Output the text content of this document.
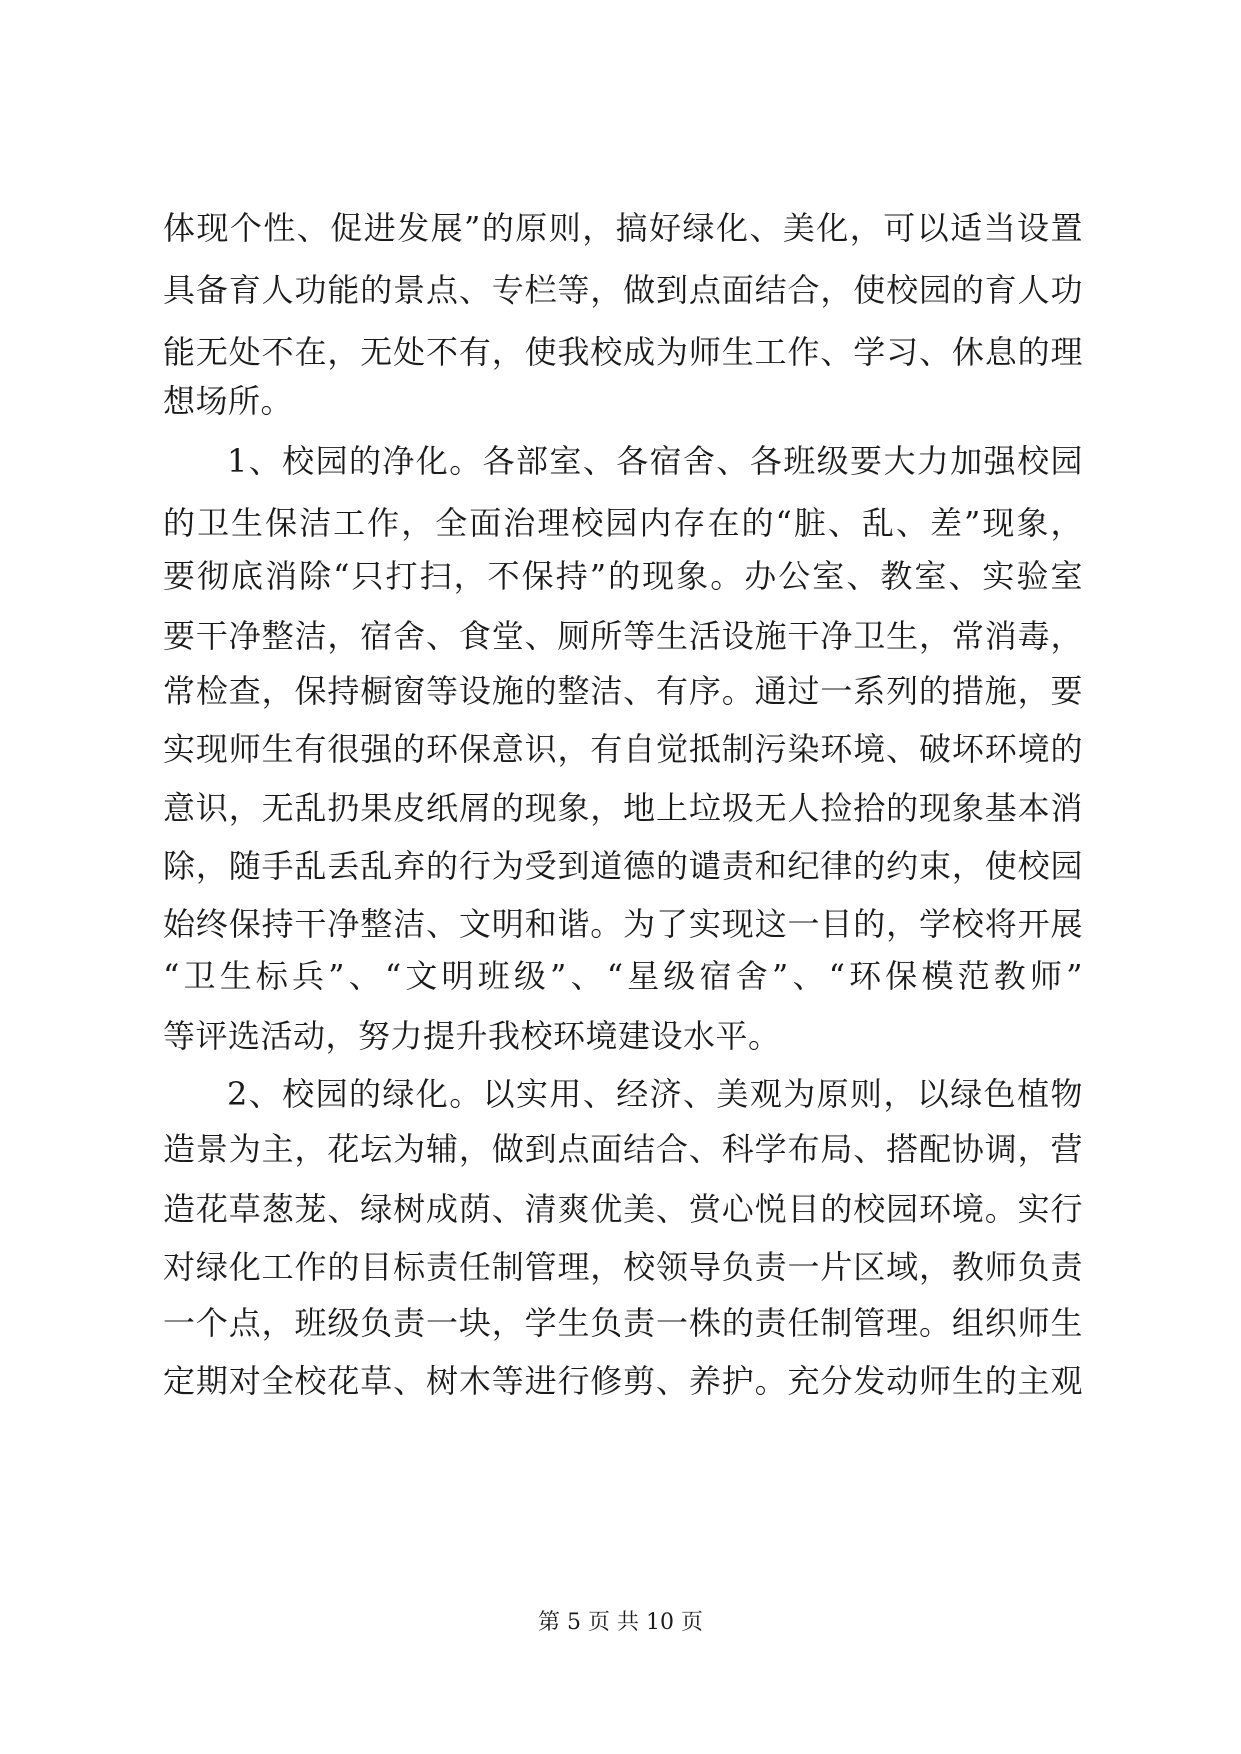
体现个性、促进发展”的原则，搞好绿化、美化，可以适当设置
具备育人功能的景点、专栏等，做到点面结合，使校园的育人功
能无处不在，无处不有，使我校成为师生工作、学习、休息的理
想场所。
1、校园的净化。各部室、各宿舍、各班级要大力加强校园
的卫生保洁工作，全面治理校园内存在的“脏、乱、差”现象，
要彻底消除“只打扫，不保持”的现象。办公室、教室、实验室
要干净整洁，宿舍、食堂、厕所等生活设施干净卫生，常消毒，
常检查，保持橱窗等设施的整洁、有序。通过一系列的措施，要
实现师生有很强的环保意识，有自觉抵制污染环境、破坏环境的
意识，无乱扔果皮纸屑的现象，地上垃圾无人捡拾的现象基本消
除，随手乱丢乱弃的行为受到道德的谴责和纪律的约束，使校园
始终保持干净整洁、文明和谐。为了实现这一目的，学校将开展
“卫生标兵”、“文明班级”、“星级宿舍”、“环保模范教师”
等评选活动，努力提升我校环境建设水平。
2、校园的绿化。以实用、经济、美观为原则，以绿色植物
造景为主，花坛为辅，做到点面结合、科学布局、搭配协调，营
造花草葱茏、绿树成荫、清爽优美、赏心悦目的校园环境。实行
对绿化工作的目标责任制管理，校领导负责一片区域，教师负责
一个点，班级负责一块，学生负责一株的责任制管理。组织师生
定期对全校花草、树木等进行修剪、养护。充分发动师生的主观
第 5 页 共 10 页
